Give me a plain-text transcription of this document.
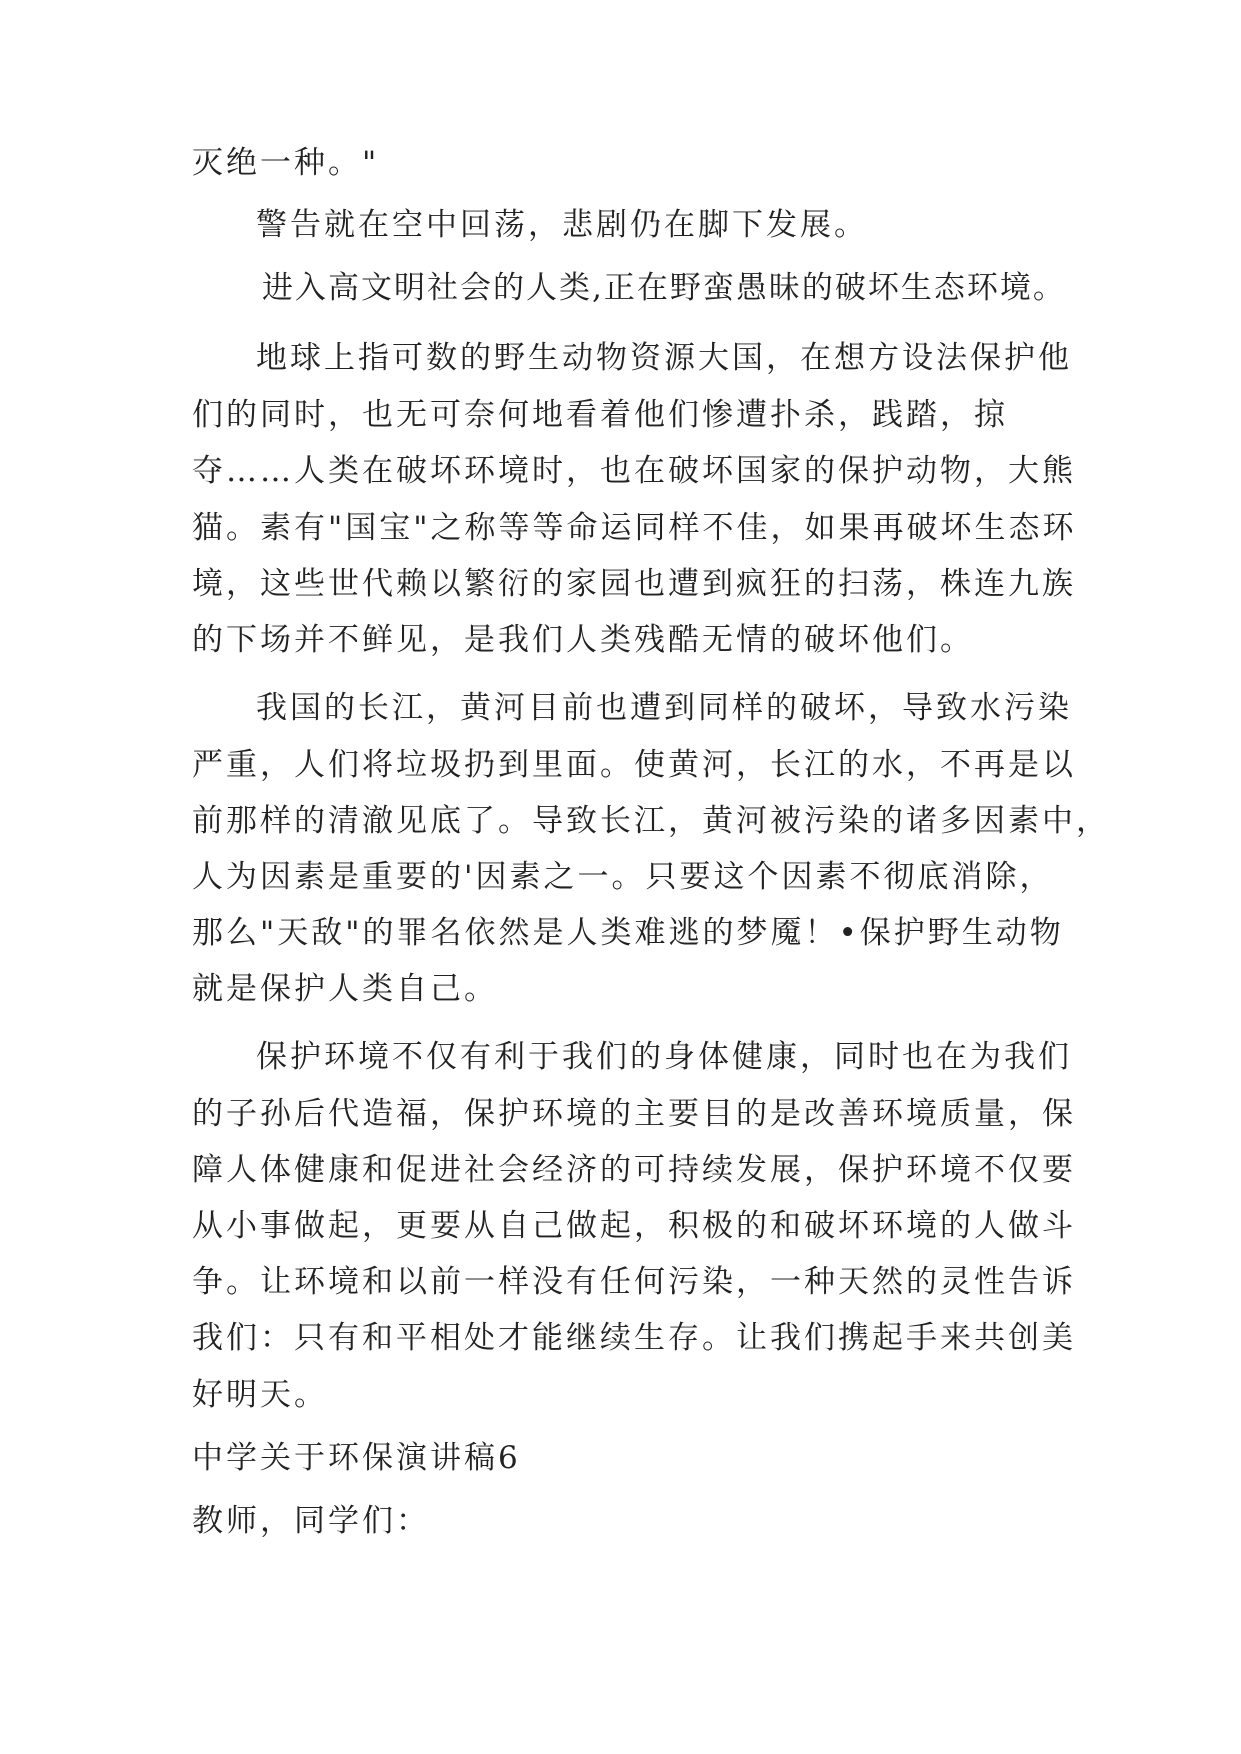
灭绝一种。"
警告就在空中回荡，悲剧仍在脚下发展。
进入高文明社会的人类,正在野蛮愚昧的破坏生态环境。
地球上指可数的野生动物资源大国，在想方设法保护他
们的同时，也无可奈何地看着他们惨遭扑杀，践踏，掠
夺……人类在破坏环境时，也在破坏国家的保护动物，大熊
猫。素有"国宝"之称等等命运同样不佳，如果再破坏生态环
境，这些世代赖以繁衍的家园也遭到疯狂的扫荡，株连九族
的下场并不鲜见，是我们人类残酷无情的破坏他们。
我国的长江，黄河目前也遭到同样的破坏，导致水污染
严重，人们将垃圾扔到里面。使黄河，长江的水，不再是以
前那样的清澈见底了。导致长江，黄河被污染的诸多因素中，
人为因素是重要的'因素之一。只要这个因素不彻底消除，
那么"天敌"的罪名依然是人类难逃的梦魇！•保护野生动物
就是保护人类自己。
保护环境不仅有利于我们的身体健康，同时也在为我们
的子孙后代造福，保护环境的主要目的是改善环境质量，保
障人体健康和促进社会经济的可持续发展，保护环境不仅要
从小事做起，更要从自己做起，积极的和破坏环境的人做斗
争。让环境和以前一样没有任何污染，一种天然的灵性告诉
我们：只有和平相处才能继续生存。让我们携起手来共创美
好明天。
中学关于环保演讲稿6
教师，同学们：
